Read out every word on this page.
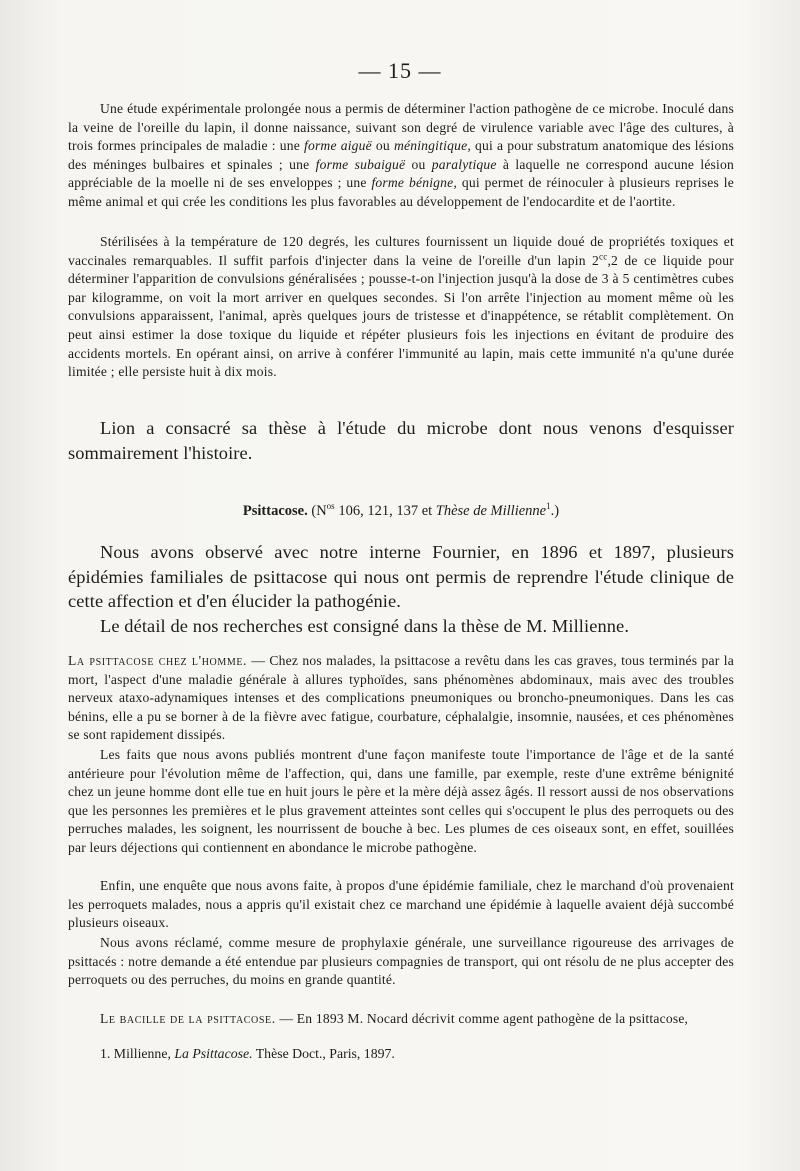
— 15 —

Une étude expérimentale prolongée nous a permis de déterminer l'action pathogène de ce microbe. Inoculé dans la veine de l'oreille du lapin, il donne naissance, suivant son degré de virulence variable avec l'âge des cultures, à trois formes principales de maladie : une forme aiguë ou méningitique, qui a pour substratum anatomique des lésions des méninges bulbaires et spinales ; une forme subaiguë ou paralytique à laquelle ne correspond aucune lésion appréciable de la moelle ni de ses enveloppes ; une forme bénigne, qui permet de réinoculer à plusieurs reprises le même animal et qui crée les conditions les plus favorables au développement de l'endocardite et de l'aortite.

Stérilisées à la température de 120 degrés, les cultures fournissent un liquide doué de propriétés toxiques et vaccinales remarquables. Il suffit parfois d'injecter dans la veine de l'oreille d'un lapin $2^{cc},2$ de ce liquide pour déterminer l'apparition de convulsions généralisées ; pousse-t-on l'injection jusqu'à la dose de 3 à 5 centimètres cubes par kilogramme, on voit la mort arriver en quelques secondes. Si l'on arrête l'injection au moment même où les convulsions apparaissent, l'animal, après quelques jours de tristesse et d'inappétence, se rétablit complètement. On peut ainsi estimer la dose toxique du liquide et répéter plusieurs fois les injections en évitant de produire des accidents mortels. En opérant ainsi, on arrive à conférer l'immunité au lapin, mais cette immunité n'a qu'une durée limitée ; elle persiste huit à dix mois.

Lion a consacré sa thèse à l'étude du microbe dont nous venons d'esquisser sommairement l'histoire.

Psittacose. ($N^{os}$ 106, 121, 137 et Thèse de Millienne$^1$.)

Nous avons observé avec notre interne Fournier, en 1896 et 1897, plusieurs épidémies familiales de psittacose qui nous ont permis de reprendre l'étude clinique de cette affection et d'en élucider la pathogénie.

Le détail de nos recherches est consigné dans la thèse de M. Millienne.

La psittacose chez l'homme. — Chez nos malades, la psittacose a revêtu dans les cas graves, tous terminés par la mort, l'aspect d'une maladie générale à allures typhoïdes, sans phénomènes abdominaux, mais avec des troubles nerveux ataxo-adynamiques intenses et des complications pneumoniques ou broncho-pneumoniques. Dans les cas bénins, elle a pu se borner à de la fièvre avec fatigue, courbature, céphalalgie, insomnie, nausées, et ces phénomènes se sont rapidement dissipés.

Les faits que nous avons publiés montrent d'une façon manifeste toute l'importance de l'âge et de la santé antérieure pour l'évolution même de l'affection, qui, dans une famille, par exemple, reste d'une extrême bénignité chez un jeune homme dont elle tue en huit jours le père et la mère déjà assez âgés. Il ressort aussi de nos observations que les personnes les premières et le plus gravement atteintes sont celles qui s'occupent le plus des perroquets ou des perruches malades, les soignent, les nourrissent de bouche à bec. Les plumes de ces oiseaux sont, en effet, souillées par leurs déjections qui contiennent en abondance le microbe pathogène.

Enfin, une enquête que nous avons faite, à propos d'une épidémie familiale, chez le marchand d'où provenaient les perroquets malades, nous a appris qu'il existait chez ce marchand une épidémie à laquelle avaient déjà succombé plusieurs oiseaux.

Nous avons réclamé, comme mesure de prophylaxie générale, une surveillance rigoureuse des arrivages de psittacés : notre demande a été entendue par plusieurs compagnies de transport, qui ont résolu de ne plus accepter des perroquets ou des perruches, du moins en grande quantité.

Le bacille de la psittacose. — En 1893 M. Nocard décrivit comme agent pathogène de la psittacose,

1. Millienne, La Psittacose. Thèse Doct., Paris, 1897.
